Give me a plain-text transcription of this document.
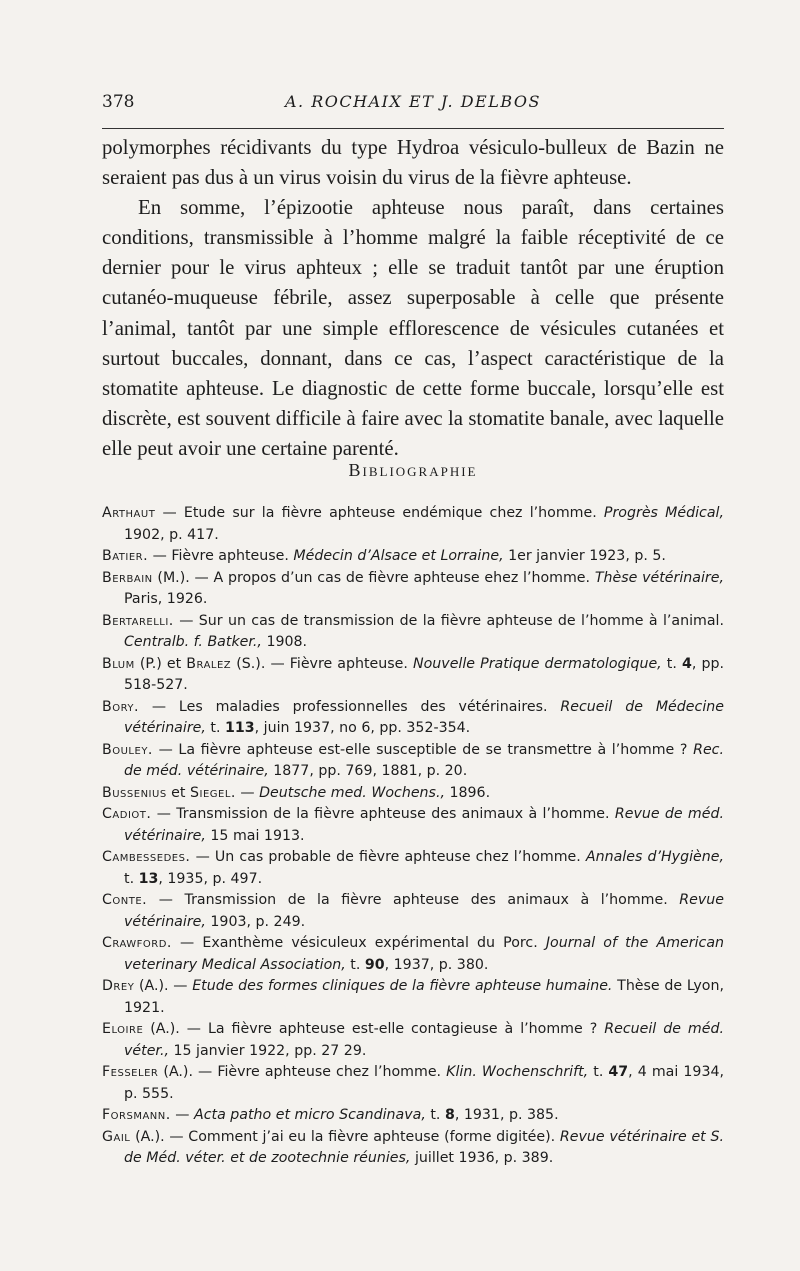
378	A. ROCHAIX ET J. DELBOS

polymorphes récidivants du type Hydroa vésiculo-bulleux de Bazin ne seraient pas dus à un virus voisin du virus de la fièvre aphteuse.

En somme, l’épizootie aphteuse nous paraît, dans certaines conditions, transmissible à l’homme malgré la faible réceptivité de ce dernier pour le virus aphteux ; elle se traduit tantôt par une éruption cutanéo-muqueuse fébrile, assez superposable à celle que présente l’animal, tantôt par une simple efflorescence de vésicules cutanées et surtout buccales, donnant, dans ce cas, l’aspect caractéristique de la stomatite aphteuse. Le diagnostic de cette forme buccale, lorsqu’elle est discrète, est souvent difficile à faire avec la stomatite banale, avec laquelle elle peut avoir une certaine parenté.

Bibliographie

Arthaut — Etude sur la fièvre aphteuse endémique chez l’homme. Progrès Médical, 1902, p. 417.

Batier. — Fièvre aphteuse. Médecin d’Alsace et Lorraine, 1er janvier 1923, p. 5.

Berbain (M.). — A propos d’un cas de fièvre aphteuse ehez l’homme. Thèse vétérinaire, Paris, 1926.

Bertarelli. — Sur un cas de transmission de la fièvre aphteuse de l’homme à l’animal. Centralb. f. Batker., 1908.

Blum (P.) et Bralez (S.). — Fièvre aphteuse. Nouvelle Pratique dermatologique, t. 4, pp. 518-527.

Bory. — Les maladies professionnelles des vétérinaires. Recueil de Médecine vétérinaire, t. 113, juin 1937, no 6, pp. 352-354.

Bouley. — La fièvre aphteuse est-elle susceptible de se transmettre à l’homme ? Rec. de méd. vétérinaire, 1877, pp. 769, 1881, p. 20.

Bussenius et Siegel. — Deutsche med. Wochens., 1896.

Cadiot. — Transmission de la fièvre aphteuse des animaux à l’homme. Revue de méd. vétérinaire, 15 mai 1913.

Cambessedes. — Un cas probable de fièvre aphteuse chez l’homme. Annales d’Hygiène, t. 13, 1935, p. 497.

Conte. — Transmission de la fièvre aphteuse des animaux à l’homme. Revue vétérinaire, 1903, p. 249.

Crawford. — Exanthème vésiculeux expérimental du Porc. Journal of the American veterinary Medical Association, t. 90, 1937, p. 380.

Drey (A.). — Etude des formes cliniques de la fièvre aphteuse humaine. Thèse de Lyon, 1921.

Eloire (A.). — La fièvre aphteuse est-elle contagieuse à l’homme ? Recueil de méd. véter., 15 janvier 1922, pp. 27 29.

Fesseler (A.). — Fièvre aphteuse chez l’homme. Klin. Wochenschrift, t. 47, 4 mai 1934, p. 555.

Forsmann. — Acta patho et micro Scandinava, t. 8, 1931, p. 385.

Gail (A.). — Comment j’ai eu la fièvre aphteuse (forme digitée). Revue vétérinaire et S. de Méd. véter. et de zootechnie réunies, juillet 1936, p. 389.
